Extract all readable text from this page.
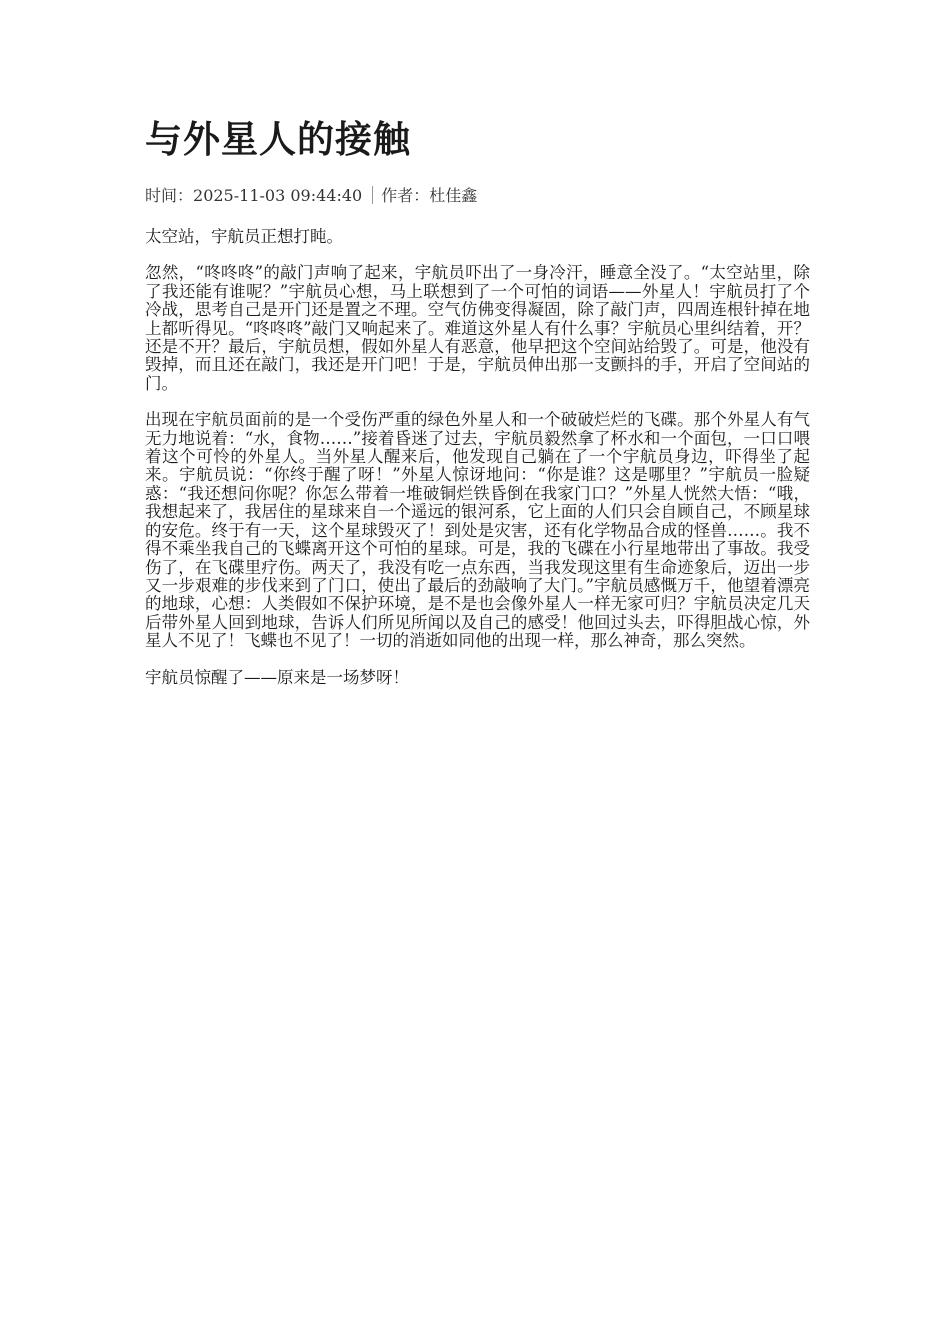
与外星人的接触
时间：2025-11-03 09:44:40 作者：杜佳鑫

太空站，宇航员正想打盹。

忽然，“咚咚咚”的敲门声响了起来，宇航员吓出了一身冷汗，睡意全没了。“太空站里，除了我还能有谁呢？”宇航员心想，马上联想到了一个可怕的词语——外星人！宇航员打了个冷战，思考自己是开门还是置之不理。空气仿佛变得凝固，除了敲门声，四周连根针掉在地上都听得见。“咚咚咚”敲门又响起来了。难道这外星人有什么事？宇航员心里纠结着，开？还是不开？最后，宇航员想，假如外星人有恶意，他早把这个空间站给毁了。可是，他没有毁掉，而且还在敲门，我还是开门吧！于是，宇航员伸出那一支颤抖的手，开启了空间站的门。

出现在宇航员面前的是一个受伤严重的绿色外星人和一个破破烂烂的飞碟。那个外星人有气无力地说着：“水，食物……”接着昏迷了过去，宇航员毅然拿了杯水和一个面包，一口口喂着这个可怜的外星人。当外星人醒来后，他发现自己躺在了一个宇航员身边，吓得坐了起来。宇航员说：“你终于醒了呀！”外星人惊讶地问：“你是谁？这是哪里？”宇航员一脸疑惑：“我还想问你呢？你怎么带着一堆破铜烂铁昏倒在我家门口？”外星人恍然大悟：“哦，我想起来了，我居住的星球来自一个遥远的银河系，它上面的人们只会自顾自己，不顾星球的安危。终于有一天，这个星球毁灭了！到处是灾害，还有化学物品合成的怪兽……。我不得不乘坐我自己的飞蝶离开这个可怕的星球。可是，我的飞碟在小行星地带出了事故。我受伤了，在飞碟里疗伤。两天了，我没有吃一点东西，当我发现这里有生命迹象后，迈出一步又一步艰难的步伐来到了门口，使出了最后的劲敲响了大门。”宇航员感慨万千，他望着漂亮的地球，心想：人类假如不保护环境，是不是也会像外星人一样无家可归？宇航员决定几天后带外星人回到地球，告诉人们所见所闻以及自己的感受！他回过头去，吓得胆战心惊，外星人不见了！飞蝶也不见了！一切的消逝如同他的出现一样，那么神奇，那么突然。

宇航员惊醒了——原来是一场梦呀！
